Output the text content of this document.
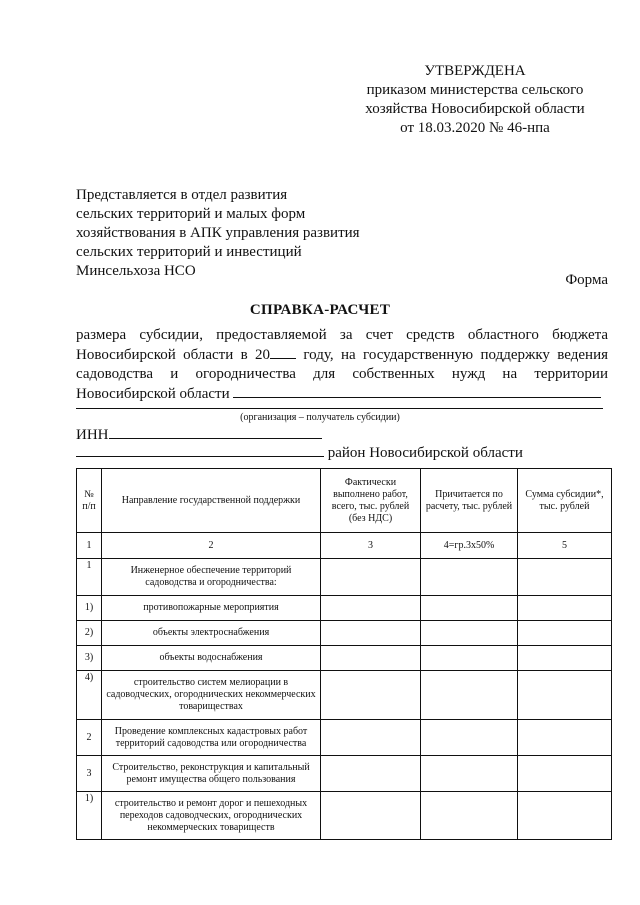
УТВЕРЖДЕНА
приказом министерства сельского
хозяйства Новосибирской области
от 18.03.2020 № 46-нпа
Представляется в отдел развития
сельских территорий и малых форм
хозяйствования в АПК управления развития
сельских территорий и инвестиций
Минсельхоза НСО
Форма
СПРАВКА-РАСЧЕТ
размера субсидии, предоставляемой за счет средств областного бюджета
Новосибирской области в 20 году, на государственную поддержку ведения
садоводства и огородничества для собственных нужд на территории
Новосибирской области
(организация – получатель субсидии)
ИНН
район Новосибирской области
№ п/п	Направление государственной поддержки	Фактически выполнено работ, всего, тыс. рублей (без НДС)	Причитается по расчету, тыс. рублей	Сумма субсидии*, тыс. рублей
1	2	3	4=гр.3х50%	5
1	Инженерное обеспечение территорий садоводства и огородничества:			
1)	противопожарные мероприятия			
2)	объекты электроснабжения			
3)	объекты водоснабжения			
4)	строительство систем мелиорации в садоводческих, огороднических некоммерческих товариществах			
2	Проведение комплексных кадастровых работ территорий садоводства или огородничества			
3	Строительство, реконструкция и капитальный ремонт имущества общего пользования			
1)	строительство и ремонт дорог и пешеходных переходов садоводческих, огороднических некоммерческих товариществ			
